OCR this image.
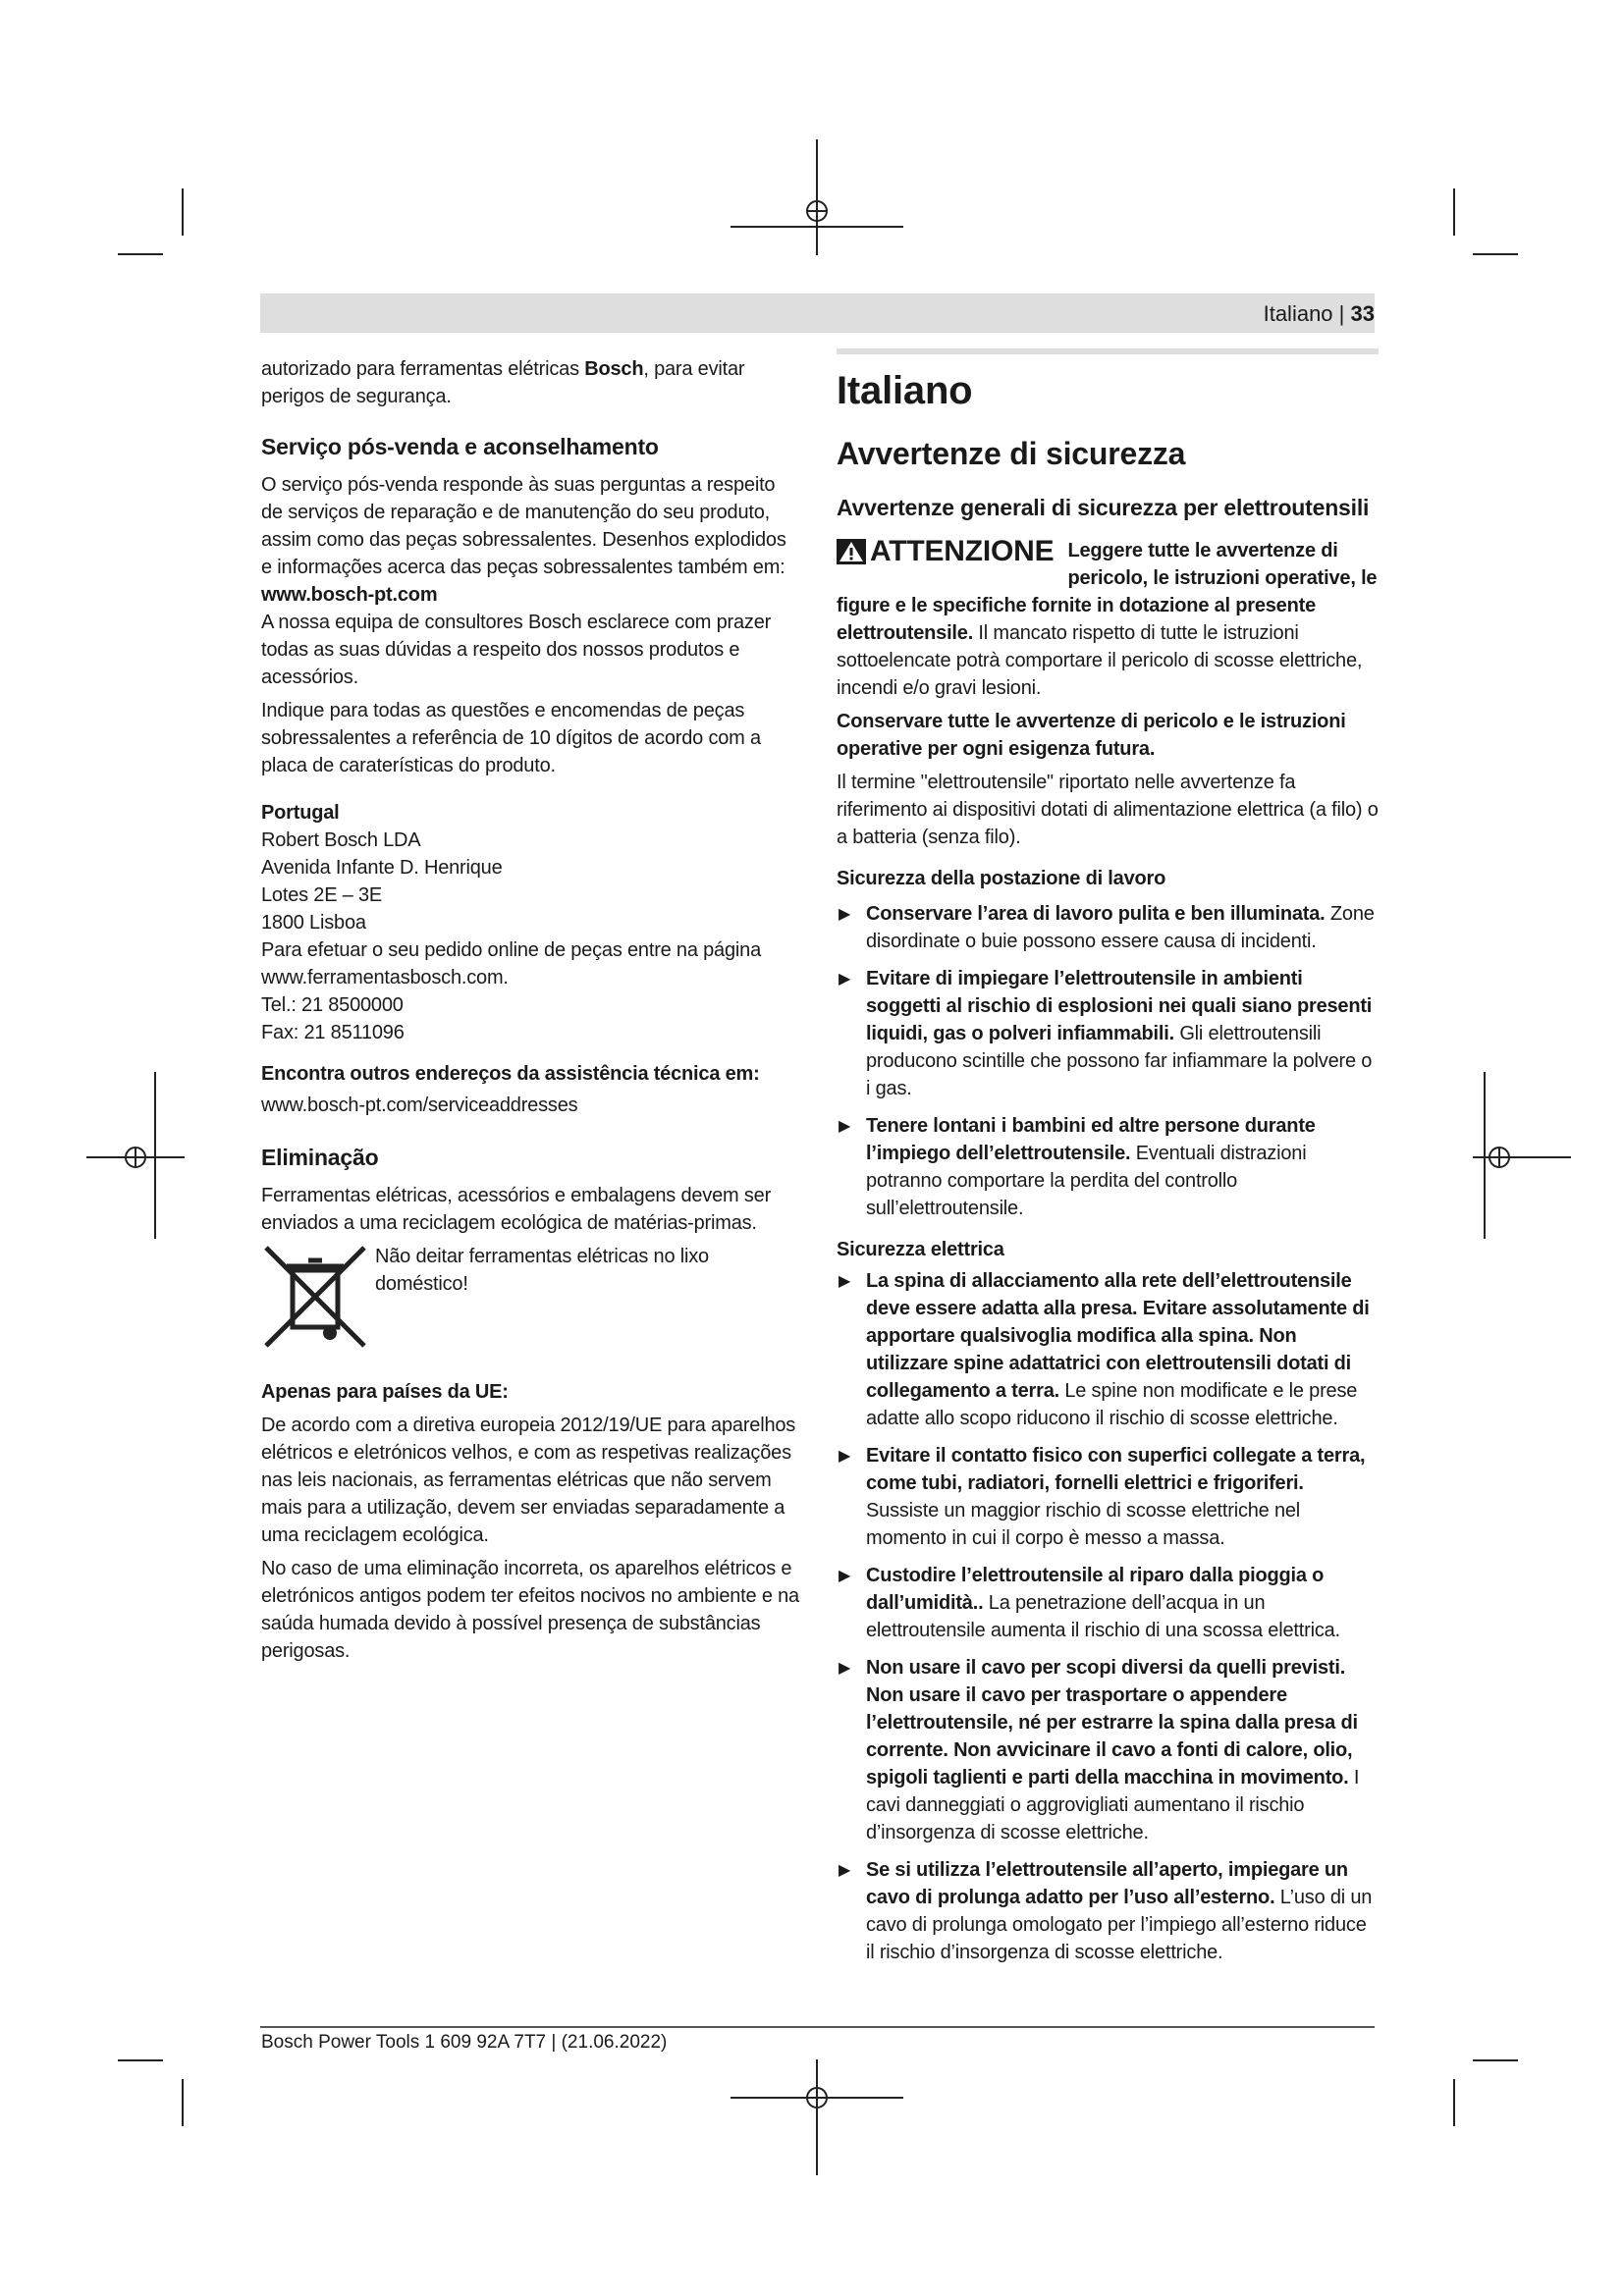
Italiano | 33

autorizado para ferramentas elétricas Bosch, para evitar perigos de segurança.

Serviço pós-venda e aconselhamento

O serviço pós-venda responde às suas perguntas a respeito de serviços de reparação e de manutenção do seu produto, assim como das peças sobressalentes. Desenhos explodidos e informações acerca das peças sobressalentes também em:

www.bosch-pt.com

A nossa equipa de consultores Bosch esclarece com prazer todas as suas dúvidas a respeito dos nossos produtos e acessórios.

Indique para todas as questões e encomendas de peças sobressalentes a referência de 10 dígitos de acordo com a placa de caraterísticas do produto.

Portugal

Robert Bosch LDA

Avenida Infante D. Henrique

Lotes 2E – 3E

1800 Lisboa

Para efetuar o seu pedido online de peças entre na página www.ferramentasbosch.com.

Tel.: 21 8500000

Fax: 21 8511096

Encontra outros endereços da assistência técnica em:

www.bosch-pt.com/serviceaddresses

Eliminação

Ferramentas elétricas, acessórios e embalagens devem ser enviados a uma reciclagem ecológica de matérias-primas.

Não deitar ferramentas elétricas no lixo doméstico!

Apenas para países da UE:

De acordo com a diretiva europeia 2012/19/UE para aparelhos elétricos e eletrónicos velhos, e com as respetivas realizações nas leis nacionais, as ferramentas elétricas que não servem mais para a utilização, devem ser enviadas separadamente a uma reciclagem ecológica.

No caso de uma eliminação incorreta, os aparelhos elétricos e eletrónicos antigos podem ter efeitos nocivos no ambiente e na saúda humada devido à possível presença de substâncias perigosas.

Italiano
Avvertenze di sicurezza
Avvertenze generali di sicurezza per elettroutensili

ATTENZIONE Leggere tutte le avvertenze di pericolo, le istruzioni operative, le figure e le specifiche fornite in dotazione al presente elettroutensile. Il mancato rispetto di tutte le istruzioni sottoelencate potrà comportare il pericolo di scosse elettriche, incendi e/o gravi lesioni.

Conservare tutte le avvertenze di pericolo e le istruzioni operative per ogni esigenza futura.

Il termine "elettroutensile" riportato nelle avvertenze fa riferimento ai dispositivi dotati di alimentazione elettrica (a filo) o a batteria (senza filo).

Sicurezza della postazione di lavoro

▶ Conservare l’area di lavoro pulita e ben illuminata. Zone disordinate o buie possono essere causa di incidenti.
▶ Evitare di impiegare l’elettroutensile in ambienti soggetti al rischio di esplosioni nei quali siano presenti liquidi, gas o polveri infiammabili. Gli elettroutensili producono scintille che possono far infiammare la polvere o i gas.
▶ Tenere lontani i bambini ed altre persone durante l’impiego dell’elettroutensile. Eventuali distrazioni potranno comportare la perdita del controllo sull’elettroutensile.

Sicurezza elettrica

▶ La spina di allacciamento alla rete dell’elettroutensile deve essere adatta alla presa. Evitare assolutamente di apportare qualsivoglia modifica alla spina. Non utilizzare spine adattatrici con elettroutensili dotati di collegamento a terra. Le spine non modificate e le prese adatte allo scopo riducono il rischio di scosse elettriche.
▶ Evitare il contatto fisico con superfici collegate a terra, come tubi, radiatori, fornelli elettrici e frigoriferi. Sussiste un maggior rischio di scosse elettriche nel momento in cui il corpo è messo a massa.
▶ Custodire l’elettroutensile al riparo dalla pioggia o dall’umidità.. La penetrazione dell’acqua in un elettroutensile aumenta il rischio di una scossa elettrica.
▶ Non usare il cavo per scopi diversi da quelli previsti. Non usare il cavo per trasportare o appendere l’elettroutensile, né per estrarre la spina dalla presa di corrente. Non avvicinare il cavo a fonti di calore, olio, spigoli taglienti e parti della macchina in movimento. I cavi danneggiati o aggrovigliati aumentano il rischio d’insorgenza di scosse elettriche.
▶ Se si utilizza l’elettroutensile all’aperto, impiegare un cavo di prolunga adatto per l’uso all’esterno. L’uso di un cavo di prolunga omologato per l’impiego all’esterno riduce il rischio d’insorgenza di scosse elettriche.
Bosch Power Tools 1 609 92A 7T7 | (21.06.2022)
